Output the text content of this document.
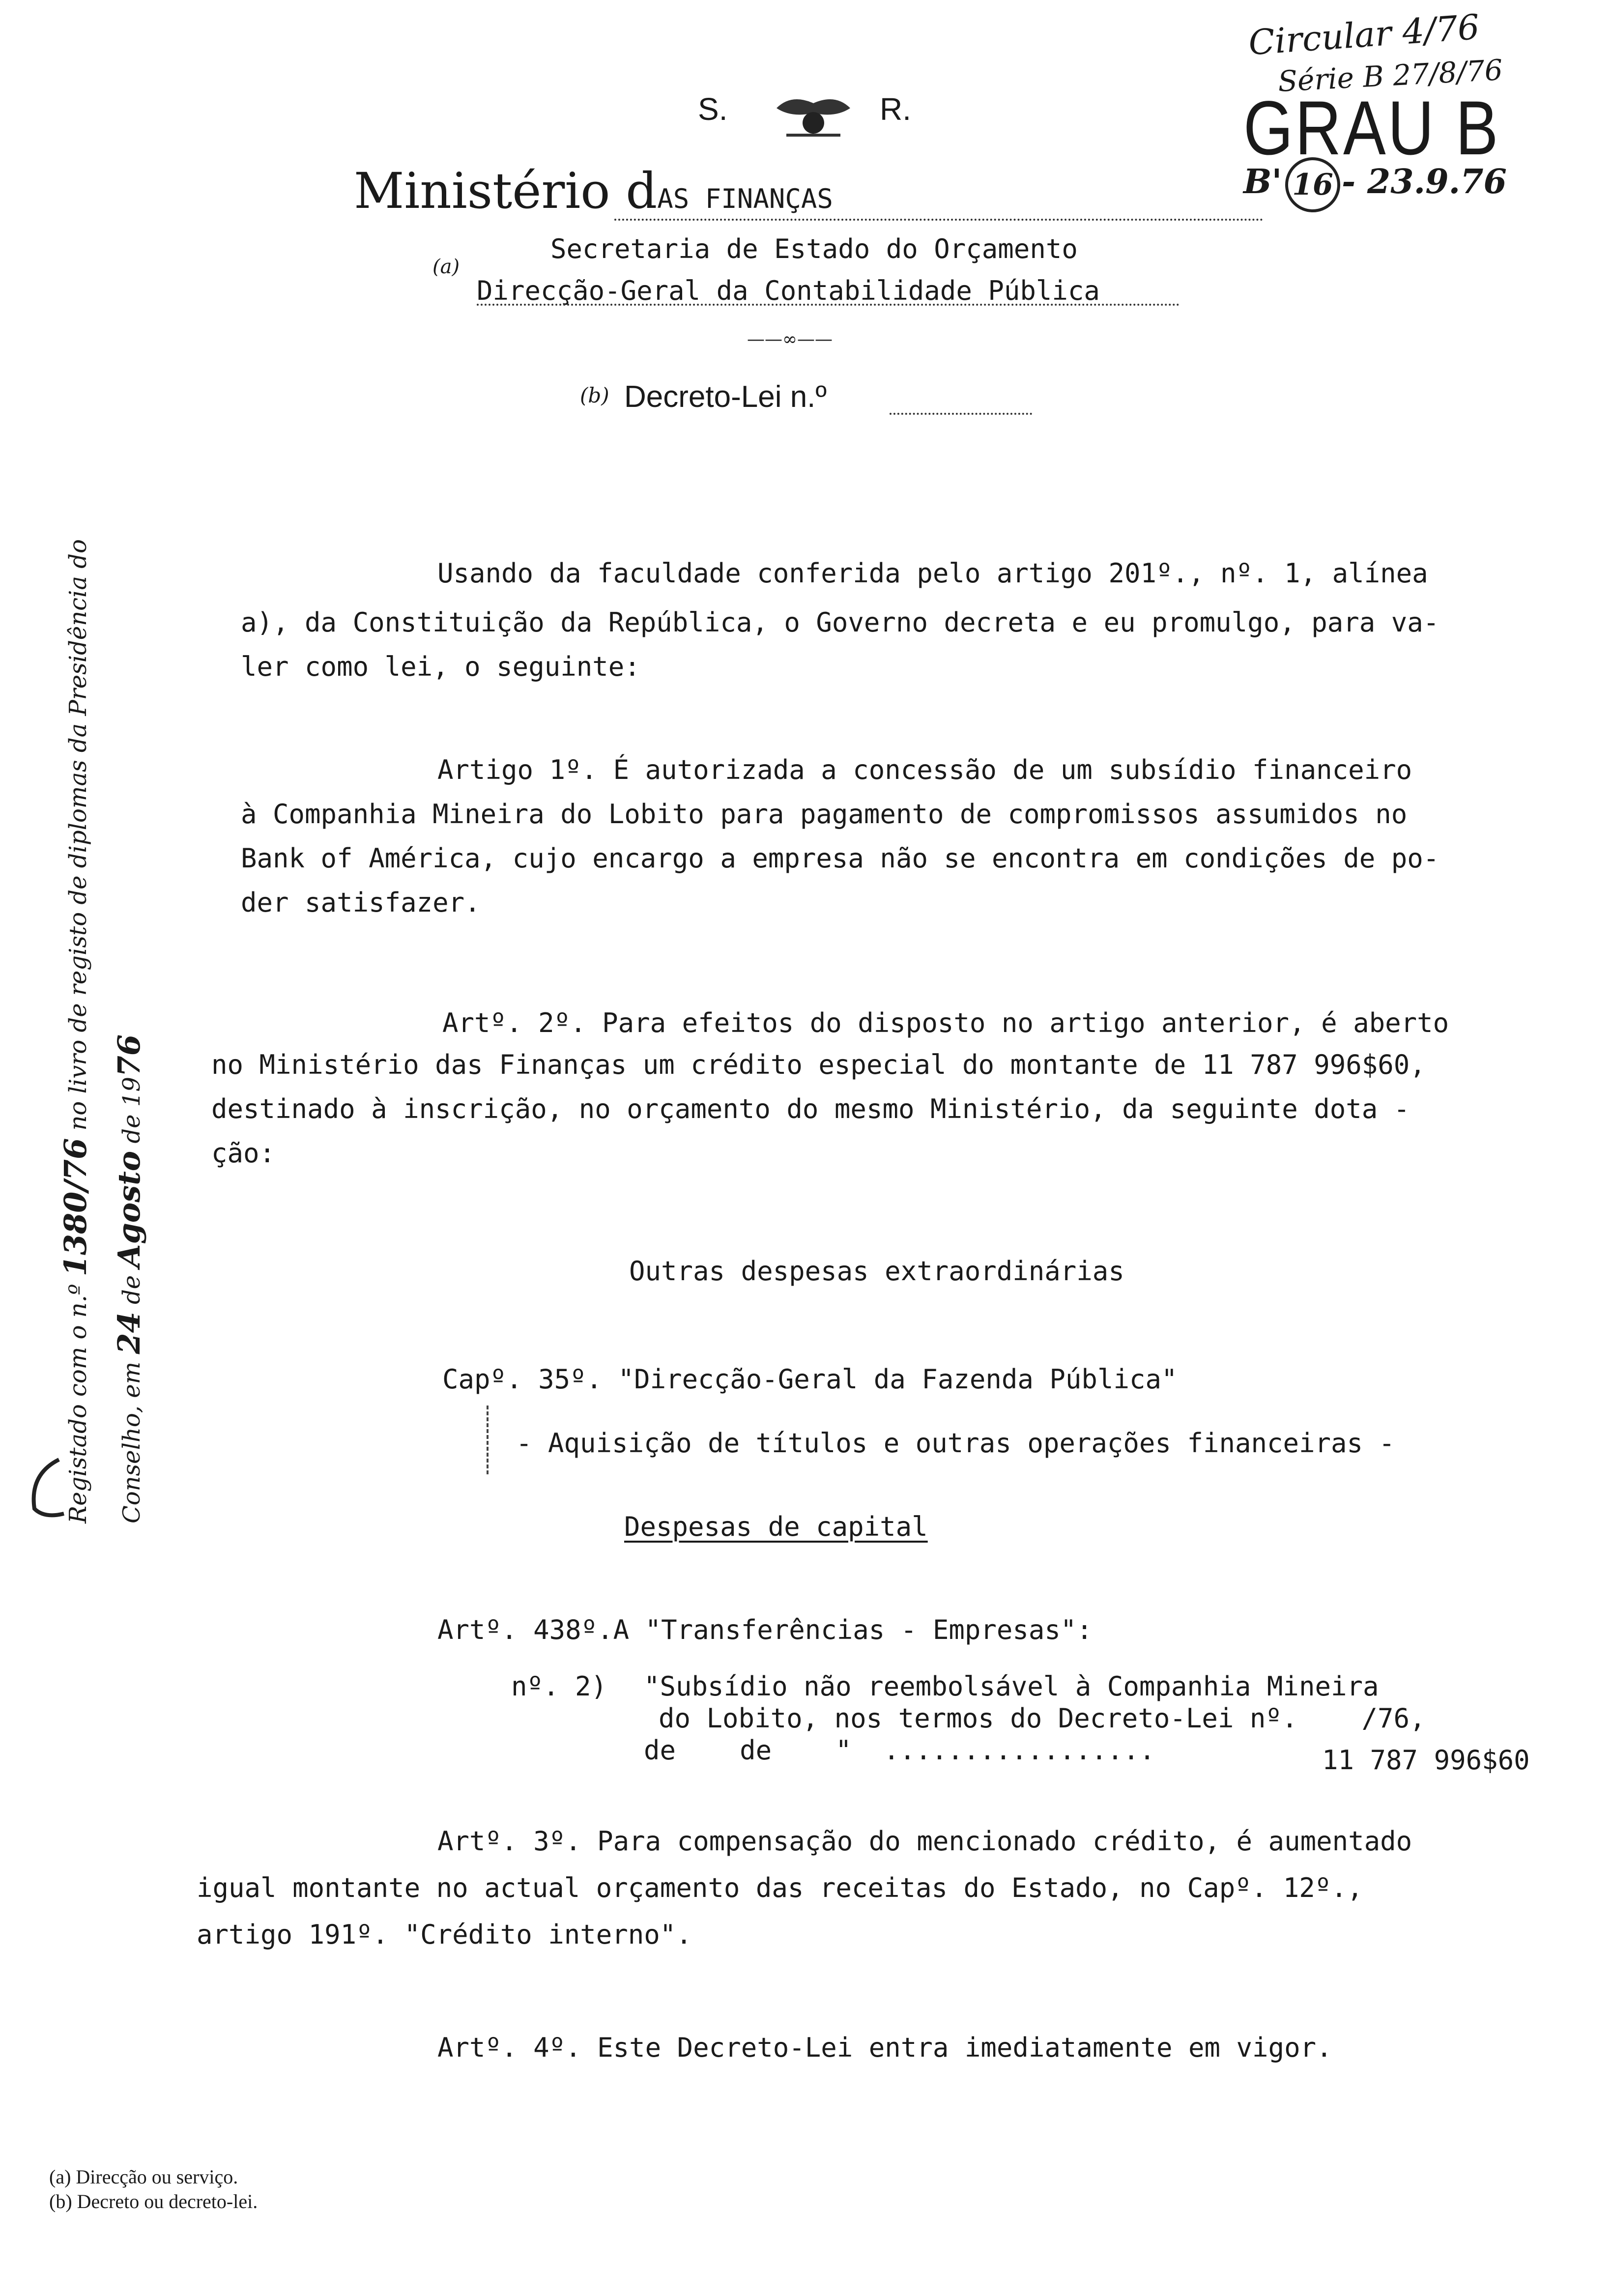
Circular 4/76
Série B 27/8/76
GRAU B
B' 16 - 23.9.76
S.	R.
Ministério dAS FINANÇAS
Secretaria de Estado do Orçamento
(a)
Direcção-Geral da Contabilidade Pública
——∞——
(b) Decreto-Lei n.º
Registado com o n.º 1380/76 no livro de registo de diplomas da Presidência do Conselho, em 24 de Agosto de 1976
Usando da faculdade conferida pelo artigo 201º., nº. 1, alínea
a), da Constituição da República, o Governo decreta e eu promulgo, para va-
ler como lei, o seguinte:
Artigo 1º. É autorizada a concessão de um subsídio financeiro
à Companhia Mineira do Lobito para pagamento de compromissos assumidos no
Bank of América, cujo encargo a empresa não se encontra em condições de po-
der satisfazer.
Artº. 2º. Para efeitos do disposto no artigo anterior, é aberto
no Ministério das Finanças um crédito especial do montante de 11 787 996$60,
destinado à inscrição, no orçamento do mesmo Ministério, da seguinte dota -
ção:
Outras despesas extraordinárias
Capº. 35º. "Direcção-Geral da Fazenda Pública"
- Aquisição de títulos e outras operações financeiras -
Despesas de capital
Artº. 438º.A "Transferências - Empresas":
nº. 2) "Subsídio não reembolsável à Companhia Mineira
do Lobito, nos termos do Decreto-Lei nº.    /76,
de    de    "  .................	11 787 996$60
Artº. 3º. Para compensação do mencionado crédito, é aumentado
igual montante no actual orçamento das receitas do Estado, no Capº. 12º.,
artigo 191º. "Crédito interno".
Artº. 4º. Este Decreto-Lei entra imediatamente em vigor.
(a) Direcção ou serviço.
(b) Decreto ou decreto-lei.
